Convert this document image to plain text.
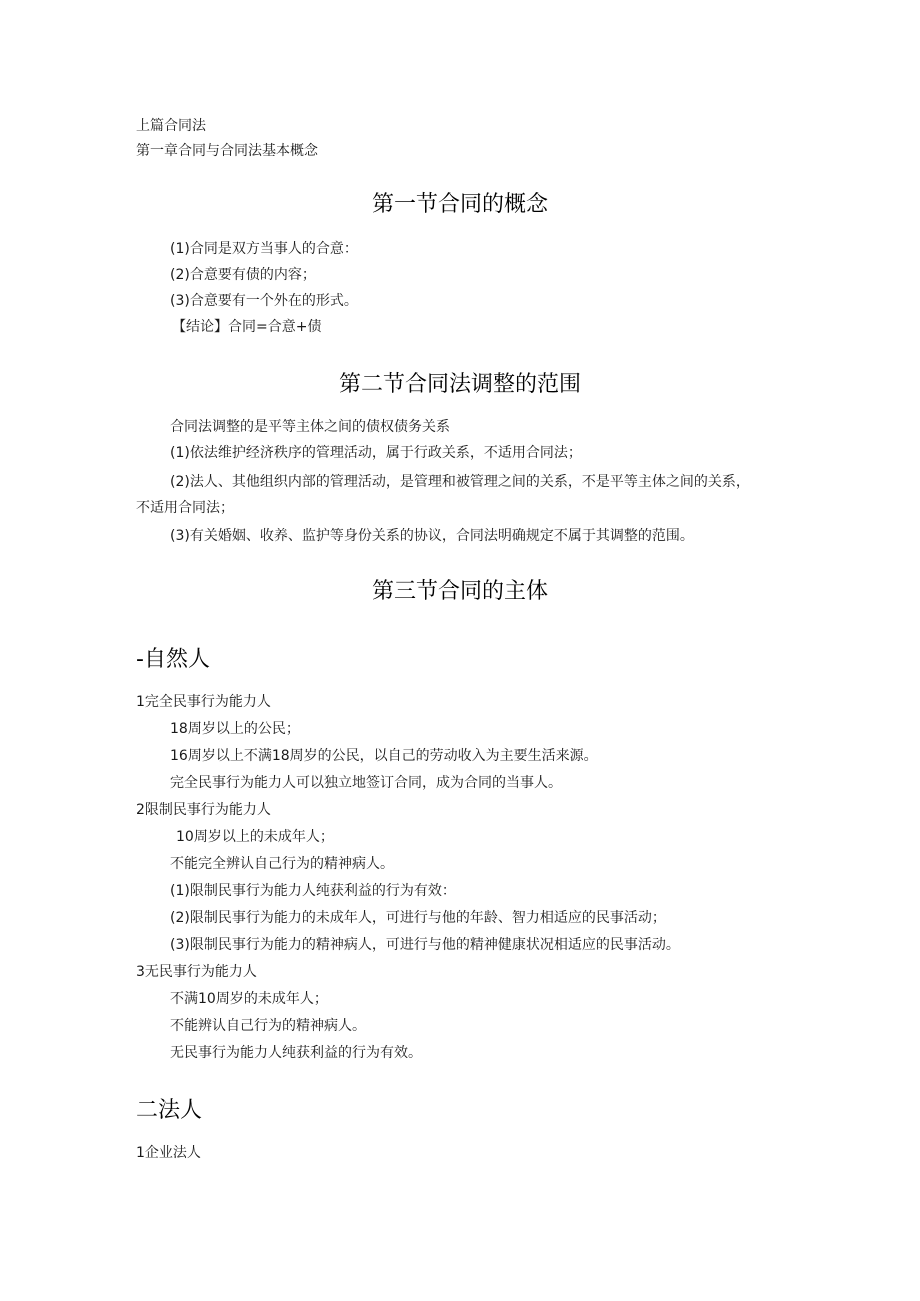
上篇合同法
第一章合同与合同法基本概念
第一节合同的概念
(1)合同是双方当事人的合意：
(2)合意要有债的内容；
(3)合意要有一个外在的形式。
【结论】合同=合意+债
第二节合同法调整的范围
合同法调整的是平等主体之间的债权债务关系
(1)依法维护经济秩序的管理活动，属于行政关系，不适用合同法；
(2)法人、其他组织内部的管理活动，是管理和被管理之间的关系，不是平等主体之间的关系，
不适用合同法；
(3)有关婚姻、收养、监护等身份关系的协议，合同法明确规定不属于其调整的范围。
第三节合同的主体
-自然人
1完全民事行为能力人
18周岁以上的公民；
16周岁以上不满18周岁的公民，以自己的劳动收入为主要生活来源。
完全民事行为能力人可以独立地签订合同，成为合同的当事人。
2限制民事行为能力人
10周岁以上的未成年人；
不能完全辨认自己行为的精神病人。
(1)限制民事行为能力人纯获利益的行为有效：
(2)限制民事行为能力的未成年人，可进行与他的年龄、智力相适应的民事活动；
(3)限制民事行为能力的精神病人，可进行与他的精神健康状况相适应的民事活动。
3无民事行为能力人
不满10周岁的未成年人；
不能辨认自己行为的精神病人。
无民事行为能力人纯获利益的行为有效。
二法人
1企业法人
